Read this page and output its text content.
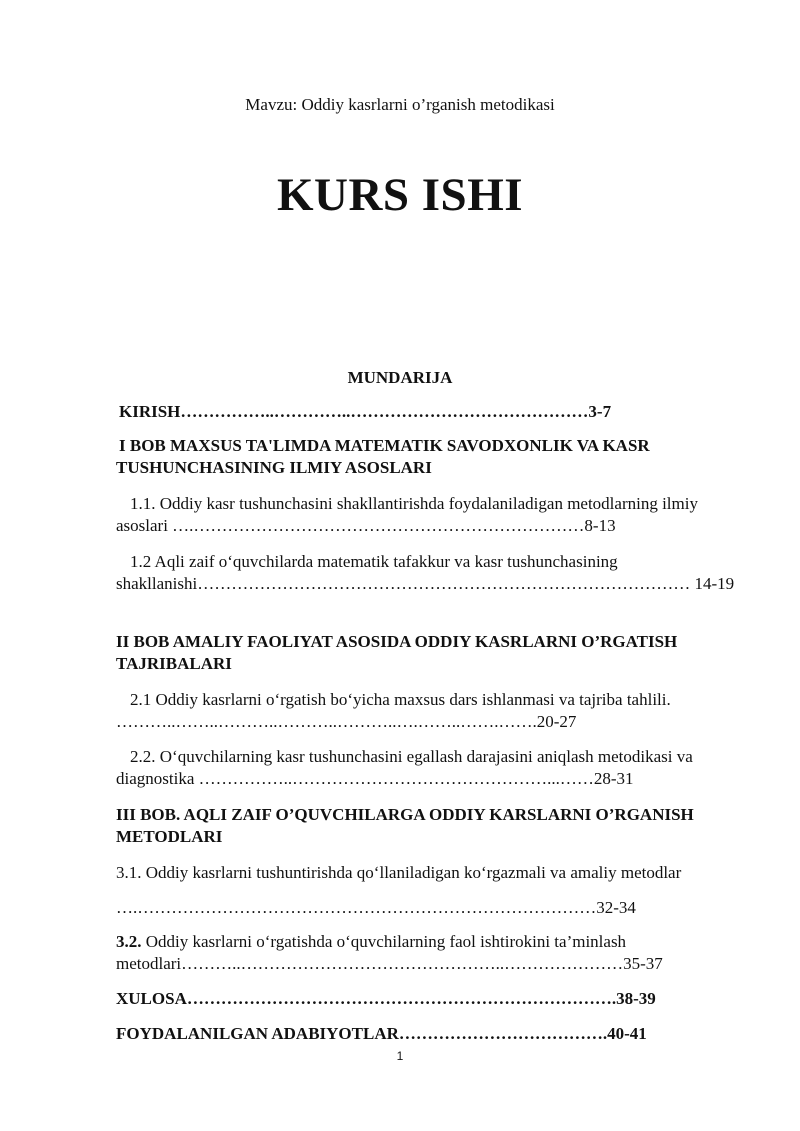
Mavzu: Oddiy kasrlarni o’rganish metodikasi
KURS ISHI
MUNDARIJA
KIRISH……………..…………..……………………………………3-7
I BOB MAXSUS TA'LIMDA MATEMATIK SAVODXONLIK VA KASR TUSHUNCHASINING ILMIY ASOSLARI
1.1. Oddiy kasr tushunchasini shakllantirishda foydalaniladigan metodlarning ilmiy asoslari ….……………………………………………………………8-13
1.2 Aqli zaif oʻquvchilarda matematik tafakkur va kasr tushunchasining shakllanishi…………………………………………………………………………… 14-19
II BOB AMALIY FAOLIYAT ASOSIDA ODDIY KASRLARNI O’RGATISH TAJRIBALARI
2.1 Oddiy kasrlarni oʻrgatish boʻyicha maxsus dars ishlanmasi va tajriba tahlili. ………..……..………..………..………..….……..…….…….20-27
2.2. Oʻquvchilarning kasr tushunchasini egallash darajasini aniqlash metodikasi va diagnostika ……………..………………………………………...……28-31
III BOB. AQLI ZAIF O’QUVCHILARGA ODDIY KARSLARNI O’RGANISH METODLARI
3.1. Oddiy kasrlarni tushuntirishda qoʻllaniladigan koʻrgazmali va amaliy metodlar
….………………………………………………………………………32-34
3.2. Oddiy kasrlarni oʻrgatishda oʻquvchilarning faol ishtirokini ta’minlash metodlari………..………………………………………..…………………35-37
XULOSA………………………………………………………………….38-39
FOYDALANILGAN ADABIYOTLAR……………………………….40-41
1
